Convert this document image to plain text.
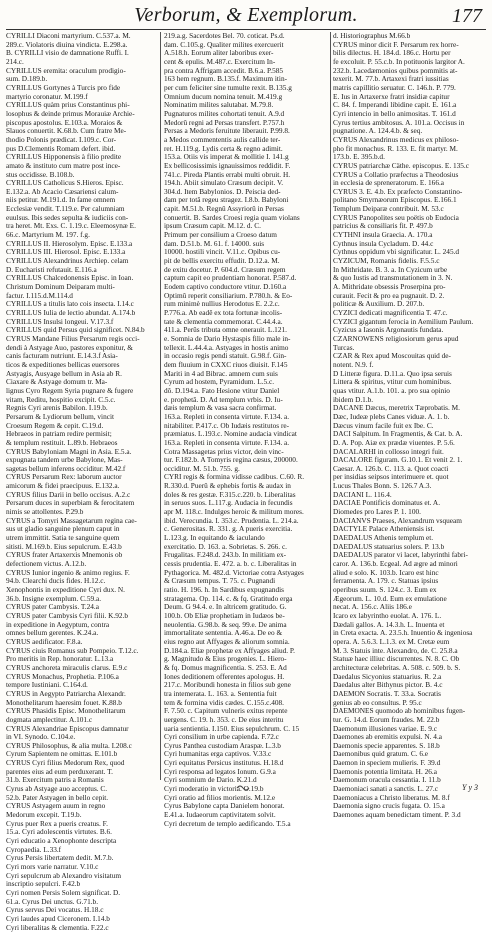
Verborum, & Exemplorum.	177

CYRILLI Diaconi martyrium. C.537.a. M.

289.c. Violatoris diuina vindicta. E.298.a.

B. CYRILLI visio de damnatione Ruffi. I.

214.c.

CYRILLUS eremita: oraculum prodigio-

sum. D.189.b.

CYRILLUS Gortynes à Turcis pro fide

martyrio coronatur. M.199.f

CYRILLUS quàm prius Constantinus phi-

losophus & deinde primus Morauiæ Archie-

piscopus apostolus. E.103.a. Moraios &

Slauos conuertit. K.68.b. Cum fratre Me-

thodio Polonis prædicat. I.109.c. Cor-

pus D.Clementis Romam defert. ibid.

CYRILLUS Hipponensis à filio predite

amato & instituto cum matre post ince-

stus occidisse. B.108.b.

CYRILLUS Catholicus S.Hieros. Episc.

E.132.a. Ab Acacio Cæsariensi calum-

niis petitur. M.191.d. In fame omnem

Ecclesiæ vendit. T.119.e. Per calumniam

euulsus. Ibis sedes sepulta & iudiciis con-

tra heret. Mt. Exs. C. 1.19.c. Eleemosynæ E.

66.c. Martyrium M. 197. f.g.

CYRILLUS II. Hierosolym. Episc. E.133.a

CYRILLUS III. Hierosol. Episc. E.133.a

CYRILLUS Alexandrinus Archiep. celam

D. Eucharisti refutauit. E.116.a

CYRILLUS Chalcedonensis Episc. in Ioan.

Christum Dominum Deiparam multi-

factur. I.115.d.M.114.d

CYRILLUS a titulis lato cois insecta. I.14.c

CYRILLUS Iulia de lectio abundat. A.174.b

CYRILLUS Insulsi longeui. V.17.3.f

CYRILLUS quid Persus quid significet. N.84.b

CYRUS Mandane Filius Persarum regis occi-

dendi à Astyage Auo, pastores exponitur, &

canis facturam nutriunt. E.14.3.f Asia-

ticos & expeditiones bellicas euersores

Astyagis, Ausyage bellum in Asia ab R.

Ciaxare & Astyage domum tr. Ma-

lignus Cyro Regem Syria pugnare & fugere

vitam, Reditu, hospitio excipit. C.5.c.

Regnis Cyri arenis Babilon. I.19.b.

Persarum & Lydiorum bellum, vincit

Croesum Regem & cepit. C.19.d.

Hebraeos in patriam redire permisit;

& templum restituit. L.89.b. Hebraeos

CYRUS Babyloniam Magni in Asia. E.5.a.

expugnata tandem urbe Babylone, Mas-

sagetas bellum inferens occiditur. M.42.f

CYRUS Persarum Rex: laborum auctor

amicorum & fidei praecipuus. E.132.a.

CYRUS filius Darii in bello occisus. A.2.c

Persarum duces in superbiam & ferocitatem

nimis se attollentes. P.29.b

CYRUS a Tomyri Massagetarum regina cae-

sus ut gladio sanguine plenum caput in

utrem immittit. Satia te sanguine quem

sitisti. M.169.b. Eius sepulcrum. E.43.b

CYRUS frater Artaxerxis Mnemonis ob

defectionem victus. A.12.b.

CYRUS Iunior ingenio & animo regius. F.

94.b. Clearchi ducis fides. H.12.c.

Xenophontis in expeditione Cyri dux. N.

36.b. Insigne exemplum. C.59.a.

CYRUS pater Cambysis. T.24.a

CYRUS pater Cambysis Cyri filii. K.92.b

in expeditione in Aegyptum, contra

omnes bellum gerentes. K.24.a.

CYRUS aedificator. F.8.a.

CYRUS ciuis Romanus sub Pompeio. T.12.c.

Pro meritis in Rep. honoratur. L.13.a

CYRUS anchoreta miraculis clarus. E.9.c

CYRUS Monachus, Prophetia. P.106.a

tempore Iustiniani. C.164.d.

CYRUS in Aegypto Patriarcha Alexandr.

Monothelitarum haeresim fouet. K.88.b

CYRUS Phasidis Episc. Monothelitarum

dogmata amplectitur. A.101.c

CYRUS Alexandriae Episcopus damnatur

in VI. Synodo. C.104.e.

CYRUS Philosophus, & alia multa. I.208.c

Cyrum Sapientem ne omittas. E.101.b

CYRUS Cyri filius Medorum Rex, quod

parentes eius ad eum perduxerant. T.

31.b. Exercitum patris a Romanis

Cyrus ab Astyage auo acceptus. C.

52.b. Pater Astyagen in bello cepit.

CYRUS Astyagem auum in regno

Medorum excepit. T.19.b.

Cyrus puer Rex a pueris creatus. F.

15.a. Cyri adolescentis virtutes. B.6.

Cyri educatio a Xenophonte descripta

Cyropaedia. L.33.f

Cyrus Persis libertatem dedit. M.7.b.

Cyri mors varie narratur. V.10.c

Cyri sepulcrum ab Alexandro visitatum

inscriptio sepulcri. F.42.b

Cyri nomen Persis Solem significat. D.

61.a. Cyrus Dei unctus. G.71.b.

Cyrus servus Dei vocatus. H.18.c

Cyri laudes apud Ciceronem. I.14.b

Cyri liberalitas & clementia. F.22.c

219.a.g. Sacerdotes Bel. 70. coticat. Ps.d.

dam. C.105.g. Qualiter milites exercuerit

A.518.h. Eorum aliter laboribus exer-

cent & epulis. M.487.c. Exercitum In-

pra contra Affrigam accedit. B.6.a. P.585

163 hem regnum. B.135.f. Maximum itin-

per cum feliciter sine tumulte rexit. B.135.g

Omnium ducum nomina tenuit. M.419.g

Nominatim milites salutabat. M.79.8.

Pugnaturos milites cohortati tenuit. A.9.d

Medorû regni ad Persas transfert. P.757.h

Persas a Medoris feruitute liberauit. P.99.8.

a Medos commententis aulis callide ter-

ret. H.119.g. Lydis certa & regno adimit.

153.a. Otiis vis imperat & mollitie I. 141.g

Ex bellicosissimis ignauissimos reddidit. F.

741.c. Pireda Plantis errabi multi obruit. H.

194.h. Abiit simulato Cræsum decipit. V.

304.d. Item Babylonios. D. Peiscia ded-

dam per totâ regeu stragez. I.8.b. Babyloni

capit. M.51.b. Regnû Assyriorû in Persas

conuertit. B. Sardes Croesi regia quam violans

ipsum Cræsum capit. M.12. d. C.

Primum per consilium a Croeso datum

dam. D.51.b. M. 61. f. 14000. suis

10000. hostili vincit. V.11.c. Opibus cu-

pit de bellis exercitu effudit. D.12.a. M.

de exitu docetur. P. 604.d. Cræsum regem

captum capit eo prudentiam honorat. P.587.d.

Eodem captivo conductore vtitur. D.160.a

Optimû reperit consiliarium. P.780.h. & Eo-

rum minimè nullius Herodotus E. 2.2.c.

P.776.a. Ab eadê ex tota fortunæ incolis-

tate & clementia commemorat. C.44.4.a.

411.a. Perûs tributa omne onerauit. L.121.

e. Somnia de Dario Hystaspis filio male in-

tellexit. L.44.4.a. Astyages in hostis animo

in occasio regis pendi statuit. G.98.f. Gin-

dem fluuium in CXXC riuos diuisit. F.145

Mariti in 4 ad Bibrac. amnem cum suis

Cyrum ad hostem, Pyramidum. L.5.c.

dô. D.194.a. Fato Hesione vtitur Daniel

e. prophetâ. D. Ad templum vrbis. D. Iu-

dæis templum & vasa sacra confirmat.

163.a. Repleti in consenta virtute. F.134. a.

nitabiliter. P.417.c. Ob Iudæis restitutos re-

præmiatus. L.193.c. Nomine audacia vindicat

163.a. Repleti in consenta virtute. F.134. a.

Cotra Massagetas prius victor, dein vinc-

tur. F.182.b. A Tomyris regina cæsus, 200000.

occiditur. M. 51.b. 755. g.

CYRI regis & formina vidisse cadibus. C.60. R.

R.330.d. Puerû & ephebis fortis & audax in

doles & res gestæ. F.315.c.220. b. Liberalitas

in seruos suos. L.117.g. Audacia in fecundis

apr M. 118.c. Indulges heroic & militum mores.

ibid. Verecundia. I. 353.c. Prudentia. L. 214.a.

c. Generositas. R. 331. g. A pueris exercitia.

L.123.g. In equitando & iaculando

exercitatio. D. 163. a. Sobrietas. S. 266. c.

Frugalitas. F.248.d. 243.b. In militiam ex-

cessis prudentia. E. 472. a. b. c. Liberalitas in

Pythagorica. M. 482.d. Victoriae cotra Astyages

& Cræsum tempus. T. 75. c. Pugnandi

ratio. H. 196. h. In Sardibus expugnandis

stratagema. Op. 114. c. & fq. Gratitudo erga

Deum. G 94.4. e. In altricem gratitudo. G.

100.b. Ob Eliæ prophetiam in Iudæos be-

neuolentia. G.98.b. & seq. 99.e. De anima

immortalitate sententia. A.46.a. De eo &

eius regno aut Affyages & aliorum somnia.

D.184.a. Eliæ prophetæ ex Affyages aliud. P.

g. Magnitudo & Eius progenies. L. Hiero-

& fq. Domus magnificentia. S. 253. E. Ad

Iones deditionem offerentes apologus. H.

217.c. Moribundi honesta in filios sub gene

tra intemerata. L. 163. a. Sententia fuit

tem & formina vidis cædes. C.155.c.408.

F. 7.50. c. Capitum vulneris exitus repente

uergens. C. 19. h. 353. c. De eius interitu

uaria sentientia. I.150. Eius sepulchrum. C. 15

Cyri consilium in urbe capienda. F.72.c

Cyrus Panthea custodiam Araspæ. L.3.b

Cyri humanitas erga captivos. V.33.c

Cyri equitatus Persicus institutus. H.18.d

Cyri responsa ad legatos Ionum. G.9.a

Cyri somnium de Dario. K.21.d

Cyri moderatio in victoria. O.19.b

Cyri oratio ad filios morientis. M.12.e

Cyrus Babylone capta Danielem honorat.

E.41.a. Iudaeorum captivitatem solvit.

Cyri decretum de templo aedificando. T.5.a

d. Historiographus M.66.b

CYRUS minor dicit F. Persarum rex horre-

bilis dilectus. H. 184.d. 186.c. Hortu per

fe excoluit. P. 55.c.b. In potituonis largitor A.

232.b. Lacedæmonios quibus pommitis at-

texerit. M. 77.b. Artaxexi fratri iussitias

matris capillitio seruatur. C. 146.h. P. 779.

E. Ius in Artaxerxe fratri insidiæ capitur

C. 84. f. Imperandi libidine capit. E. 161.a

Cyri intencio in bello animositas. T. 161.d

Cyrus tertius ambitosus. A. 101.a. Occisus in

pugnatione. A. 124.4.b. & seq.

CYRUS Alexandrinus medicus ex philoso-

pho fit monachus. R. 133. E. fit martyr. M.

173.b. E. 395.b.d.

CYRUS patriarchæ Cäthe. episcopus. E. 135.c

CYRUS a Collatio præfectus a Theodosius

in ecclesia de spreneratorum. E. 166.a

CYRUS 3. E. 4.b. Ex præfecto Constantino-

politano Smyrnæorum Episcopus. E.166.1

Templum Deiparæ contribuit. M. 53.c

CYRUS Panopolites seu poëtis ob Eudocia

patricius & consiliaris fit. P. 497.b

CYTHNI insula Graecia. A. 170.a

Cythnus insula Cycladum. D. 44.c

Cythnus oppidum vbi significatur. L. 245.d

CYZICUM, Romanis fidelis. F.5.5.c

In Mithridate. B. 3. a. In Cyzicum urbe

& quo Iustis ad transmutationem in 3. N.

A. Mithridate obsessis Proserpina pro-

curauit. Fecit & pro ea pugnauit. D. 2.

politicæ & Auxilium. D. 207.b.

CYZICI dedicati magnificentia T. 47.c.

CYZICI gigantum ferocia in Aemilium Paulum.

Cyzicus a Iasonis Argonautis fundata.

CZARNOWENS religiosiorum gerus apud

Turcas.

CZAR & Rex apud Moscouitas quid de-

notent. N.9. f.

D Litteræ figura. D.11.a. Quo ipsa seruis

Littera & spiritus, vtitur cum hominibus.

quas vtitur. A.1.b. 101. a. pro sua opinio

ibidem D.1.b.

DACANE Dæcus, meretrix Tæprobatis. M.

Dæc, Iudeæ plebs Canes viduæ. A. 1. b.

Dæcus vinum facile fuit ex Ibe. C.

DACI Salpitum. In Fragmentis, & Cat. b. A.

D. A. Pop. Aiæ ex prædæ viuentes. P. 5.6.

DACALARHI in collosso integri fuit.

DACALORE figuram. G.10.1. Et venit 2. 1.

Caesar. A. 126.b. C. 113. a. Quot coacti

per insidias seipsos interimuere et. quot

Lucus Thales Bonn. S. 126.7 A.3.

DACIANI L. 116.4.

DACIAE Pontificis dominatus et. A.

Diomedes pro Lares P. 1. 100.

DACIANVS Praeses, Alexandrum vsqueam

DACTYLE Palace Atheniensis ist.

DAEDALUS Athenis templum et.

DAEDALUS statuarius solers. P. 13.b

DAEDALUS parator vi lacet, labyrinthi fabri-

caror. A. 136.b. Ecgeal. Ad ægre ad minori

aliud e solo. K. 103.b. Icaro est hinc

ferramenta. A. 179. c. Statuas ipsius

operibus suum. S. 124.c. 3. Eum ex

Ægeorum. L. 10.d. Eum ex emulatione

necat. A. 156.c. Aliis 186.e

Icaro ex labyrintho euolat. A. 176. L.

Dædali gallos. A. 14.3.h. L. Inuenta et

in Creta exacta. A. 23.5.h. Inuentio & ingeniosa

opera. A. 5.6.3. L.1.3. ex M. Cretæ eum

M. 3. Statuis inte. Alexandro, de. C. 25.8.a

Statuæ haec illiuc discurrentes. N. 8. C. Ob

architecturæ celebritas. A. 508. c. 509. b. S.

Daedalus Sicyonius statuarius. R. 2.a

Daedalus alter Bithynus pictor. B. 4.c

DAEMON Socratis. T. 33.a. Socratis

genius ab eo consultus. P. 95.c

DAEMONES quomodo ab hominibus fugen-

tur. G. 14.d. Eorum fraudes. M. 22.b

Daemonum illusiones variae. E. 9.c

Daemones ab eremitis expulsi. N. 4.a

Daemonis specie apparentes. S. 18.b

Daemonibus quid gratum. C. 6.e

Daemon in speciem mulieris. F. 39.d

Daemonis potentia limitata. H. 26.a

Daemonum oracula cessantia. I. 11.b

Daemoniaci sanati a sanctis. L. 27.c

Daemoniacus a Christo liberatus. M. 8.f

Daemonia signo crucis fugata. O. 15.a

Daemones aquam benedictam timent. P. 3.d

Y y 3
